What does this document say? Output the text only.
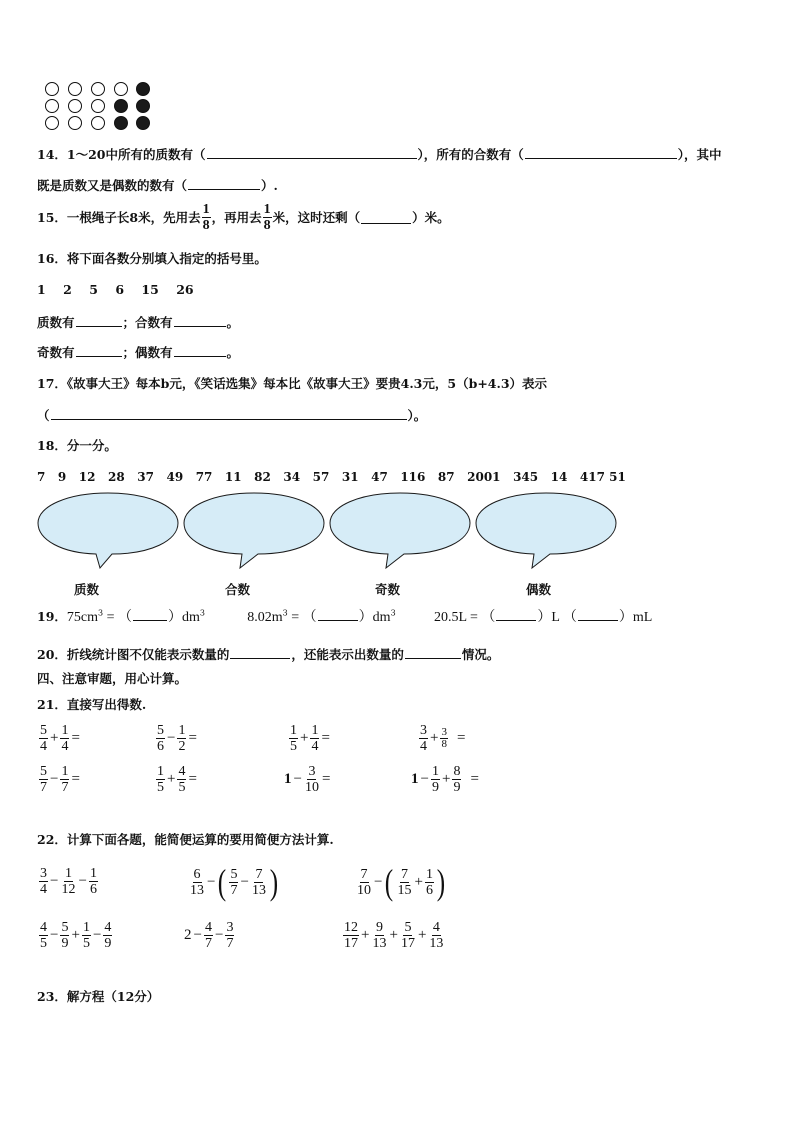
14．1～20中所有的质数有（	），所有的合数有（	），其中
既是质数又是偶数的数有（	）.
15．一根绳子长8米，先用去 $\frac{1}{8}$ ，再用去 $\frac{1}{8}$ 米，这时还剩（	）米。
16．将下面各数分别填入指定的括号里。
1    2    5    6    15    26
质数有	；合数有	。
奇数有	；偶数有	。
17．《故事大王》每本b元，《笑话选集》每本比《故事大王》要贵4.3元，5（b+4.3）表示
（	）。
18．分一分。
7   9   12   28   37   49   77   11   82   34   57   31   47   116   87   2001   345   14   417 51
质数	合数	奇数	偶数
19．$75cm^3$ = （	）$dm^3$	$8.02m^3$ = （	）$dm^3$	20.5L = （	）L （	）mL
20．折线统计图不仅能表示数量的	，还能表示出数量的	情况。
四、注意审题，用心计算。
21．直接写出得数.
$\frac{5}{4} + \frac{1}{4}$ =	$\frac{5}{6} - \frac{1}{2}$ =	$\frac{1}{5} + \frac{1}{4}$ =	$\frac{3}{4} + \frac{3}{8}$ =
$\frac{5}{7} - \frac{1}{7}$ =	$\frac{1}{5} + \frac{4}{5}$ =	$1 - \frac{3}{10}$ =	$1 - \frac{1}{9} + \frac{8}{9}$ =
22．计算下面各题，能简便运算的要用简便方法计算.
$\frac{3}{4} - \frac{1}{12} - \frac{1}{6}$	$\frac{6}{13}$ − ( $\frac{5}{7} - \frac{7}{13}$ )	$\frac{7}{10}$ − ( $\frac{7}{15} + \frac{1}{6}$ )
$\frac{4}{5} - \frac{5}{9} + \frac{1}{5} - \frac{4}{9}$	$2 - \frac{4}{7} - \frac{3}{7}$	$\frac{12}{17} + \frac{9}{13} + \frac{5}{17} + \frac{4}{13}$
23．解方程（12分）
